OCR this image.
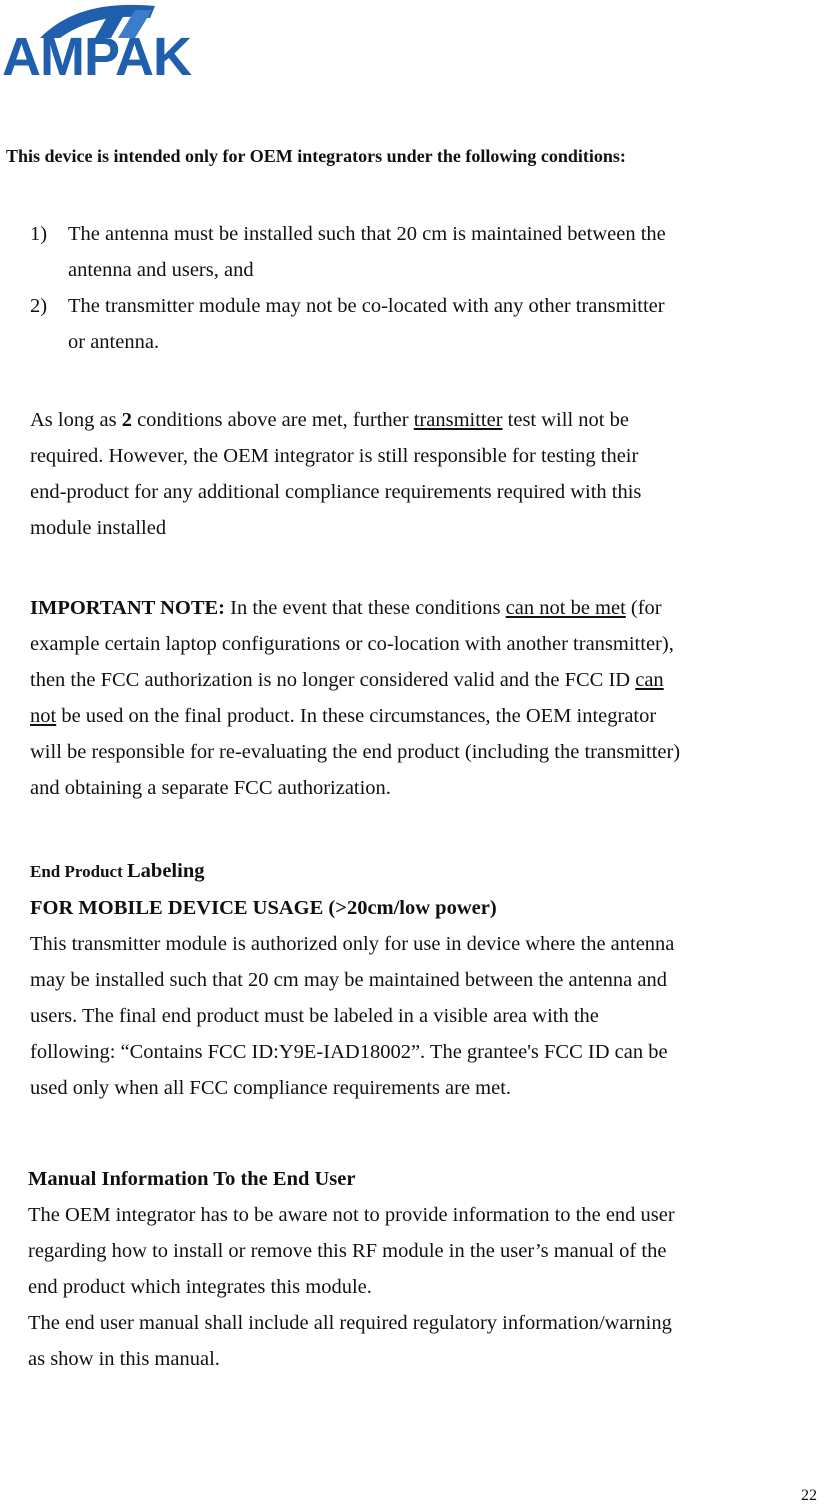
AMPAK
This device is intended only for OEM integrators under the following conditions:
1) The antenna must be installed such that 20 cm is maintained between the
antenna and users, and
2) The transmitter module may not be co-located with any other transmitter
or antenna.
As long as 2 conditions above are met, further transmitter test will not be
required. However, the OEM integrator is still responsible for testing their
end-product for any additional compliance requirements required with this
module installed
IMPORTANT NOTE: In the event that these conditions can not be met (for
example certain laptop configurations or co-location with another transmitter),
then the FCC authorization is no longer considered valid and the FCC ID can
not be used on the final product. In these circumstances, the OEM integrator
will be responsible for re-evaluating the end product (including the transmitter)
and obtaining a separate FCC authorization.
End Product Labeling
FOR MOBILE DEVICE USAGE (>20cm/low power)
This transmitter module is authorized only for use in device where the antenna
may be installed such that 20 cm may be maintained between the antenna and
users. The final end product must be labeled in a visible area with the
following: “Contains FCC ID:Y9E-IAD18002”. The grantee's FCC ID can be
used only when all FCC compliance requirements are met.
Manual Information To the End User
The OEM integrator has to be aware not to provide information to the end user
regarding how to install or remove this RF module in the user’s manual of the
end product which integrates this module.
The end user manual shall include all required regulatory information/warning
as show in this manual.
22
